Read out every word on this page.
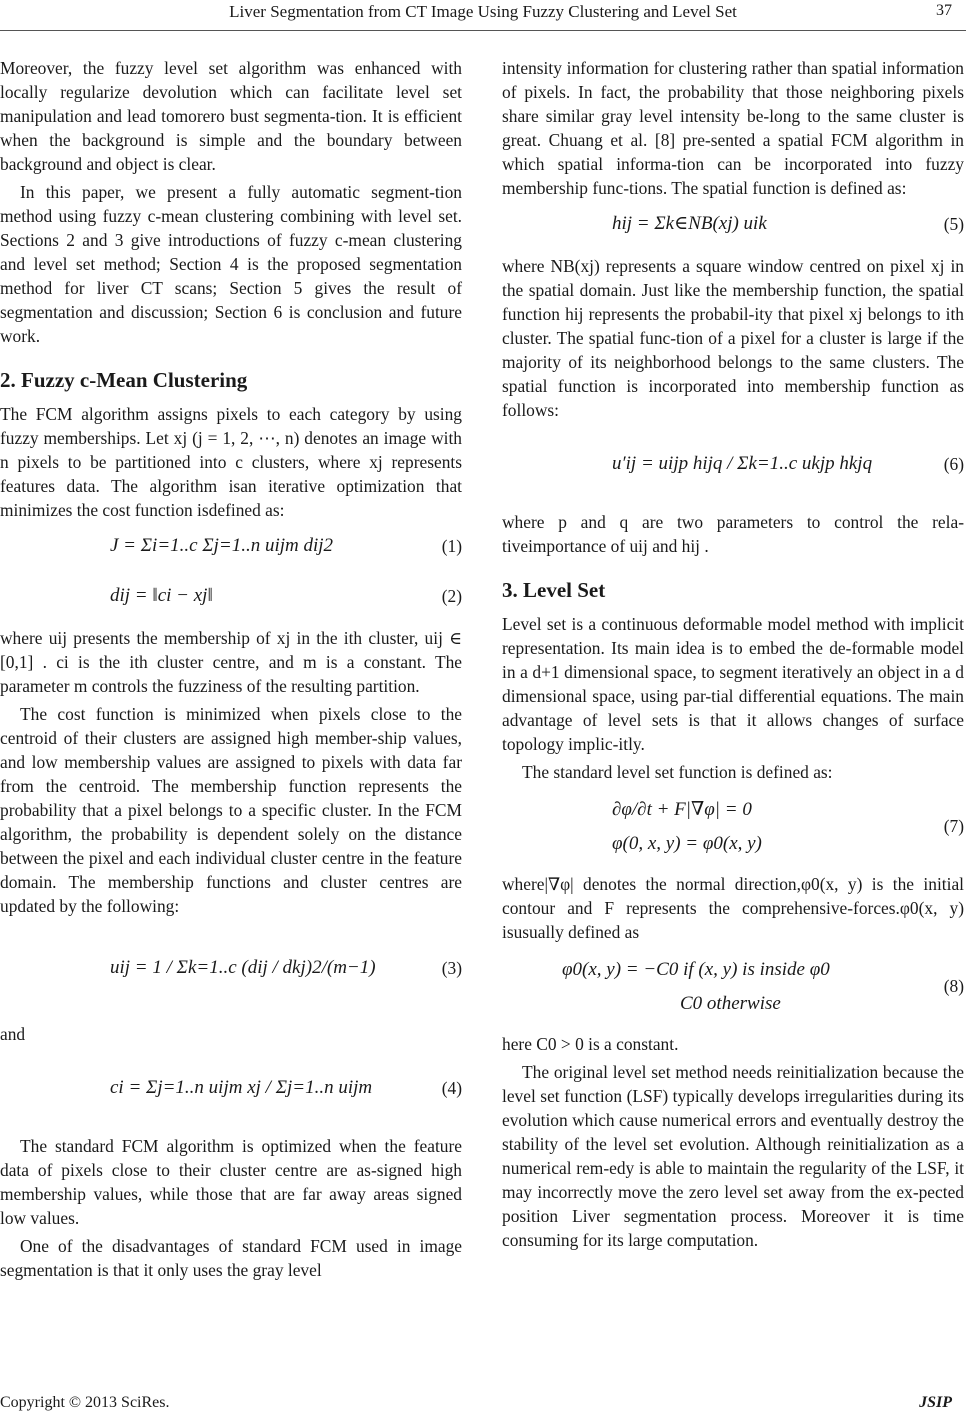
Liver Segmentation from CT Image Using Fuzzy Clustering and Level Set	37

Moreover, the fuzzy level set algorithm was enhanced with locally regularize devolution which can facilitate level set manipulation and lead tomorero bust segmenta-tion. It is efficient when the background is simple and the boundary between background and object is clear.

In this paper, we present a fully automatic segment-tion method using fuzzy c-mean clustering combining with level set. Sections 2 and 3 give introductions of fuzzy c-mean clustering and level set method; Section 4 is the proposed segmentation method for liver CT scans; Section 5 gives the result of segmentation and discussion; Section 6 is conclusion and future work.

2. Fuzzy c-Mean Clustering

The FCM algorithm assigns pixels to each category by using fuzzy memberships. Let xj (j = 1, 2, ⋯, n) denotes an image with n pixels to be partitioned into c clusters, where xj represents features data. The algorithm isan iterative optimization that minimizes the cost function isdefined as:

J = Σi=1..c Σj=1..n uijm dij2	(1)
dij = ‖ci − xj‖	(2)

where uij presents the membership of xj in the ith cluster, uij ∈ [0,1] . ci is the ith cluster centre, and m is a constant. The parameter m controls the fuzziness of the resulting partition.

The cost function is minimized when pixels close to the centroid of their clusters are assigned high member-ship values, and low membership values are assigned to pixels with data far from the centroid. The membership function represents the probability that a pixel belongs to a specific cluster. In the FCM algorithm, the probability is dependent solely on the distance between the pixel and each individual cluster centre in the feature domain. The membership functions and cluster centres are updated by the following:

uij = 1 / Σk=1..c (dij / dkj)2/(m−1)	(3)

and

ci = Σj=1..n uijm xj / Σj=1..n uijm	(4)

The standard FCM algorithm is optimized when the feature data of pixels close to their cluster centre are as-signed high membership values, while those that are far away areas signed low values.

One of the disadvantages of standard FCM used in image segmentation is that it only uses the gray level

intensity information for clustering rather than spatial information of pixels. In fact, the probability that those neighboring pixels share similar gray level intensity be-long to the same cluster is great. Chuang et al. [8] pre-sented a spatial FCM algorithm in which spatial informa-tion can be incorporated into fuzzy membership func-tions. The spatial function is defined as:

hij = Σk∈NB(xj) uik	(5)

where NB(xj) represents a square window centred on pixel xj in the spatial domain. Just like the membership function, the spatial function hij represents the probabil-ity that pixel xj belongs to ith cluster. The spatial func-tion of a pixel for a cluster is large if the majority of its neighborhood belongs to the same clusters. The spatial function is incorporated into membership function as follows:

u′ij = uijp hijq / Σk=1..c ukjp hkjq	(6)

where p and q are two parameters to control the rela-tiveimportance of uij and hij .

3. Level Set

Level set is a continuous deformable model method with implicit representation. Its main idea is to embed the de-formable model in a d+1 dimensional space, to segment iteratively an object in a d dimensional space, using par-tial differential equations. The main advantage of level sets is that it allows changes of surface topology implic-itly.

The standard level set function is defined as:

∂φ/∂t + F|∇φ| = 0
φ(0, x, y) = φ0(x, y)
(7)

where|∇φ| denotes the normal direction,φ0(x, y) is the initial contour and F represents the comprehensive-forces.φ0(x, y) isusually defined as

φ0(x, y) = −C0 if (x, y) is inside φ0
C0 otherwise
(8)

here C0 > 0 is a constant.

The original level set method needs reinitialization because the level set function (LSF) typically develops irregularities during its evolution which cause numerical errors and eventually destroy the stability of the level set evolution. Although reinitialization as a numerical rem-edy is able to maintain the regularity of the LSF, it may incorrectly move the zero level set away from the ex-pected position Liver segmentation process. Moreover it is time consuming for its large computation.

Copyright © 2013 SciRes.	JSIP
